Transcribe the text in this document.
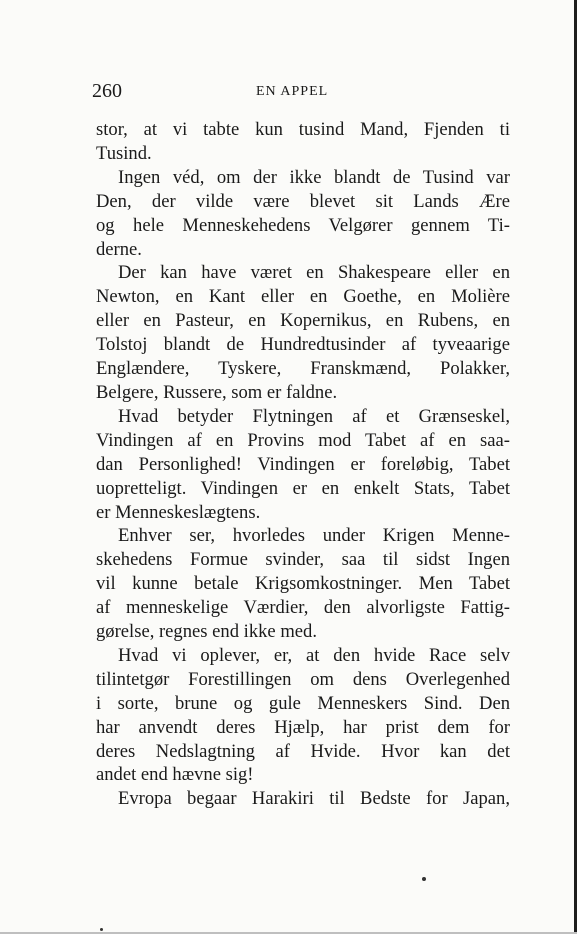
260	EN APPEL
stor, at vi tabte kun tusind Mand, Fjenden ti
Tusind.
Ingen véd, om der ikke blandt de Tusind var
Den, der vilde være blevet sit Lands Ære
og hele Menneskehedens Velgører gennem Ti-
derne.
Der kan have været en Shakespeare eller en
Newton, en Kant eller en Goethe, en Molière
eller en Pasteur, en Kopernikus, en Rubens, en
Tolstoj blandt de Hundredtusinder af tyveaarige
Englændere, Tyskere, Franskmænd, Polakker,
Belgere, Russere, som er faldne.
Hvad betyder Flytningen af et Grænseskel,
Vindingen af en Provins mod Tabet af en saa-
dan Personlighed! Vindingen er foreløbig, Tabet
uopretteligt. Vindingen er en enkelt Stats, Tabet
er Menneskeslægtens.
Enhver ser, hvorledes under Krigen Menne-
skehedens Formue svinder, saa til sidst Ingen
vil kunne betale Krigsomkostninger. Men Tabet
af menneskelige Værdier, den alvorligste Fattig-
gørelse, regnes end ikke med.
Hvad vi oplever, er, at den hvide Race selv
tilintetgør Forestillingen om dens Overlegenhed
i sorte, brune og gule Menneskers Sind. Den
har anvendt deres Hjælp, har prist dem for
deres Nedslagtning af Hvide. Hvor kan det
andet end hævne sig!
Evropa begaar Harakiri til Bedste for Japan,
